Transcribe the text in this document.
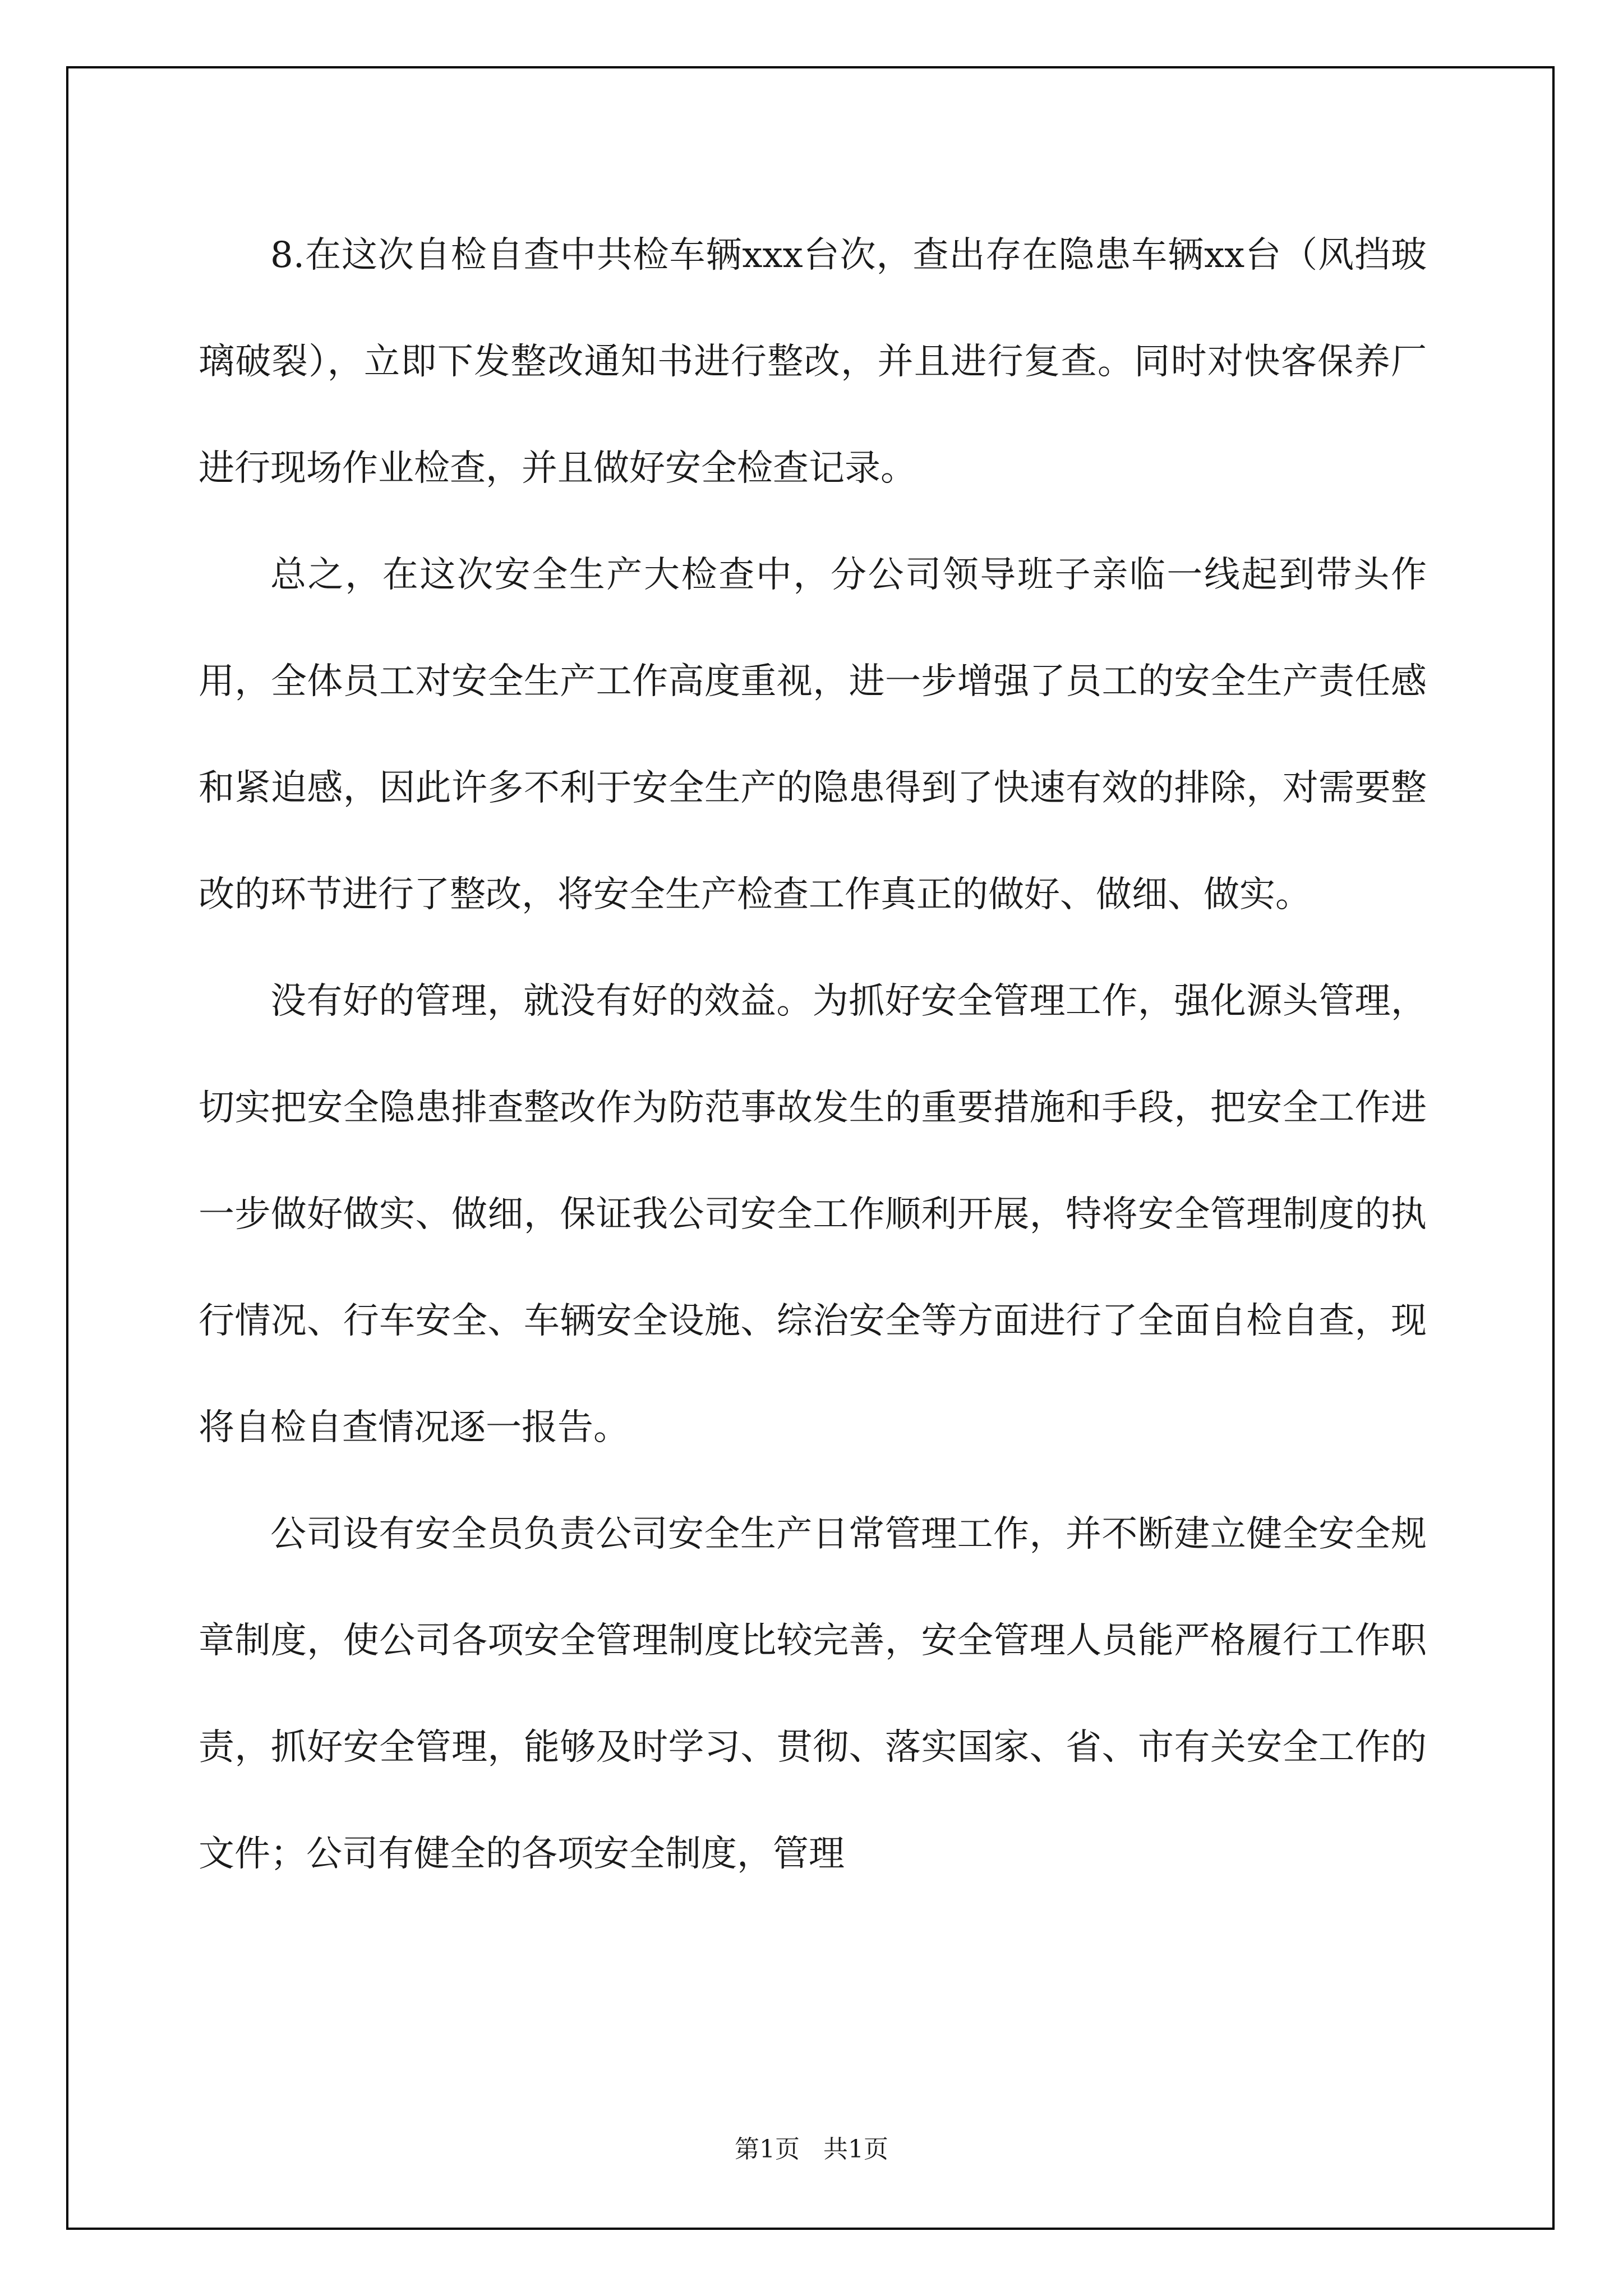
8.在这次自检自查中共检车辆xxx台次，查出存在隐患车辆xx台（风挡玻璃破裂），立即下发整改通知书进行整改，并且进行复查。同时对快客保养厂进行现场作业检查，并且做好安全检查记录。

总之，在这次安全生产大检查中，分公司领导班子亲临一线起到带头作用，全体员工对安全生产工作高度重视，进一步增强了员工的安全生产责任感和紧迫感，因此许多不利于安全生产的隐患得到了快速有效的排除，对需要整改的环节进行了整改，将安全生产检查工作真正的做好、做细、做实。

没有好的管理，就没有好的效益。为抓好安全管理工作，强化源头管理，切实把安全隐患排查整改作为防范事故发生的重要措施和手段，把安全工作进一步做好做实、做细，保证我公司安全工作顺利开展，特将安全管理制度的执行情况、行车安全、车辆安全设施、综治安全等方面进行了全面自检自查，现将自检自查情况逐一报告。

公司设有安全员负责公司安全生产日常管理工作，并不断建立健全安全规章制度，使公司各项安全管理制度比较完善，安全管理人员能严格履行工作职责，抓好安全管理，能够及时学习、贯彻、落实国家、省、市有关安全工作的文件；公司有健全的各项安全制度，管理

第1页   共1页
